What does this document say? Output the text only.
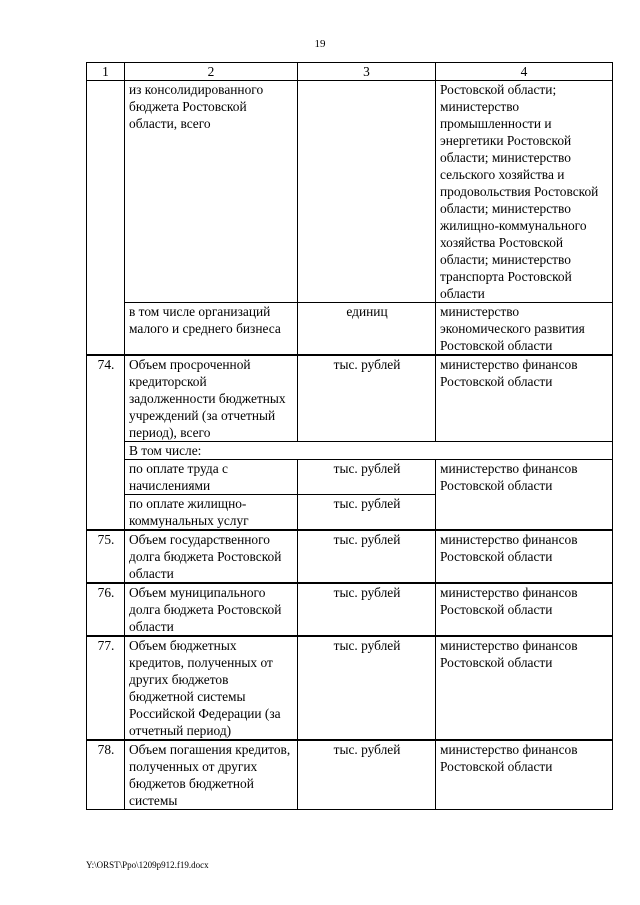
19
1	2	3	4
	из консолидированного бюджета Ростовской области, всего		Ростовской области; министерство промышленности и энергетики Ростовской области; министерство сельского хозяйства и продовольствия Ростовской области; министерство жилищно-коммунального хозяйства Ростовской области; министерство транспорта Ростовской области
	в том числе организаций малого и среднего бизнеса	единиц	министерство экономического развития Ростовской области
74.	Объем просроченной кредиторской задолженности бюджетных учреждений (за отчетный период), всего	тыс. рублей	министерство финансов Ростовской области
	В том числе:		
	по оплате труда с начислениями	тыс. рублей	министерство финансов Ростовской области
	по оплате жилищно-коммунальных услуг	тыс. рублей	
75.	Объем государственного долга бюджета Ростовской области	тыс. рублей	министерство финансов Ростовской области
76.	Объем муниципального долга бюджета Ростовской области	тыс. рублей	министерство финансов Ростовской области
77.	Объем бюджетных кредитов, полученных от других бюджетов бюджетной системы Российской Федерации (за отчетный период)	тыс. рублей	министерство финансов Ростовской области
78.	Объем погашения кредитов, полученных от других бюджетов бюджетной системы	тыс. рублей	министерство финансов Ростовской области
Y:\ORST\Ppo\1209p912.f19.docx
